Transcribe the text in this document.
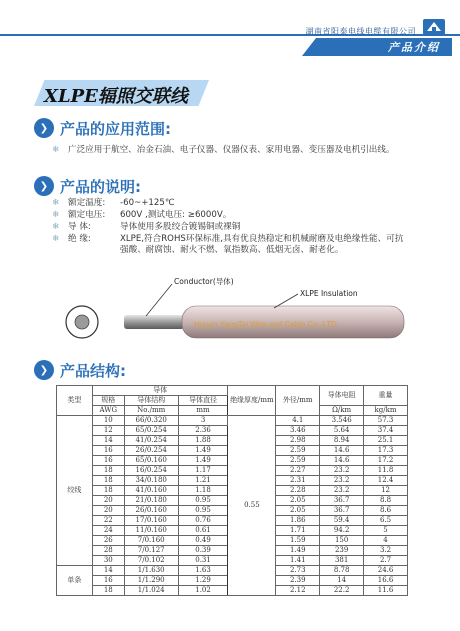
湖南省阳泰电线电缆有限公司
产品介绍
XLPE辐照交联线
❯ 产品的应用范围:
❄	广泛应用于航空、冶金石油、电子仪器、仪器仪表、家用电器、变压器及电机引出线。
❯ 产品的说明:
❄	额定温度:	-60~+125℃
❄	额定电压:	600V ,测试电压: ≥6000V。
❄	导 体:	导体使用多股绞合镀锡铜或裸铜
❄	绝 缘:	XLPE,符合ROHS环保标准,具有优良热稳定和机械耐磨及电绝缘性能、可抗强酸、耐腐蚀、耐火不燃、氧指数高、低烟无卤、耐老化。
Hunan YangTai Wire and Cable Co.,LTD
Conductor(导体)
XLPE Insulation
❯ 产品结构:
类型	导体			绝缘厚度/mm	外径/mm	导体电阻	重量
	规格	导体结构	导体直径				
	AWG	No./mm	mm			Ω/km	kg/km
绞线	10	66/0.320	3	0.55	4.1	3.546	57.3
	12	65/0.254	2.36		3.46	5.64	37.4
	14	41/0.254	1.88		2.98	8.94	25.1
	16	26/0.254	1.49		2.59	14.6	17.3
	16	65/0.160	1.49		2.59	14.6	17.2
	18	16/0.254	1.17		2.27	23.2	11.8
	18	34/0.180	1.21		2.31	23.2	12.4
	18	41/0.160	1.18		2.28	23.2	12
	20	21/0.180	0.95		2.05	36.7	8.8
	20	26/0.160	0.95		2.05	36.7	8.6
	22	17/0.160	0.76		1.86	59.4	6.5
	24	11/0.160	0.61		1.71	94.2	5
	26	7/0.160	0.49		1.59	150	4
	28	7/0.127	0.39		1.49	239	3.2
	30	7/0.102	0.31		1.41	381	2.7
单条	14	1/1.630	1.63		2.73	8.78	24.6
	16	1/1.290	1.29		2.39	14	16.6
	18	1/1.024	1.02		2.12	22.2	11.6
